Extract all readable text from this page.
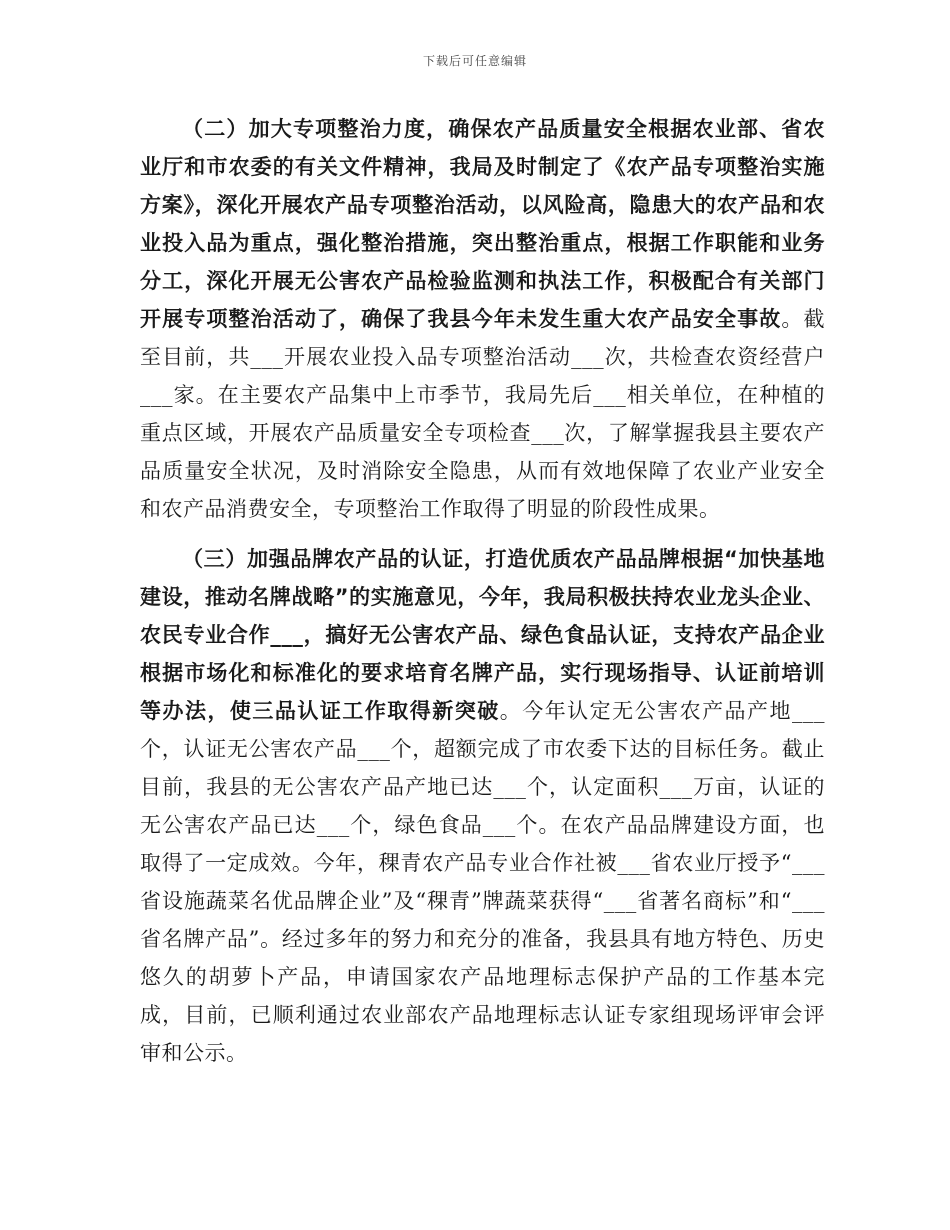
下载后可任意编辑

（二）加大专项整治力度，确保农产品质量安全根据农业部、省农业厅和市农委的有关文件精神，我局及时制定了《农产品专项整治实施方案》，深化开展农产品专项整治活动，以风险高，隐患大的农产品和农业投入品为重点，强化整治措施，突出整治重点，根据工作职能和业务分工，深化开展无公害农产品检验监测和执法工作，积极配合有关部门开展专项整治活动了，确保了我县今年未发生重大农产品安全事故。截至目前，共___开展农业投入品专项整治活动___次，共检查农资经营户___家。在主要农产品集中上市季节，我局先后___相关单位，在种植的重点区域，开展农产品质量安全专项检查___次，了解掌握我县主要农产品质量安全状况，及时消除安全隐患，从而有效地保障了农业产业安全和农产品消费安全，专项整治工作取得了明显的阶段性成果。

（三）加强品牌农产品的认证，打造优质农产品品牌根据“加快基地建设，推动名牌战略”的实施意见，今年，我局积极扶持农业龙头企业、农民专业合作___，搞好无公害农产品、绿色食品认证，支持农产品企业根据市场化和标准化的要求培育名牌产品，实行现场指导、认证前培训等办法，使三品认证工作取得新突破。今年认定无公害农产品产地___个，认证无公害农产品___个，超额完成了市农委下达的目标任务。截止目前，我县的无公害农产品产地已达___个，认定面积___万亩，认证的无公害农产品已达___个，绿色食品___个。在农产品品牌建设方面，也取得了一定成效。今年，稞青农产品专业合作社被___省农业厅授予“___省设施蔬菜名优品牌企业”及“稞青”牌蔬菜获得“___省著名商标”和“___省名牌产品”。经过多年的努力和充分的准备，我县具有地方特色、历史悠久的胡萝卜产品，申请国家农产品地理标志保护产品的工作基本完成，目前，已顺利通过农业部农产品地理标志认证专家组现场评审会评审和公示。
